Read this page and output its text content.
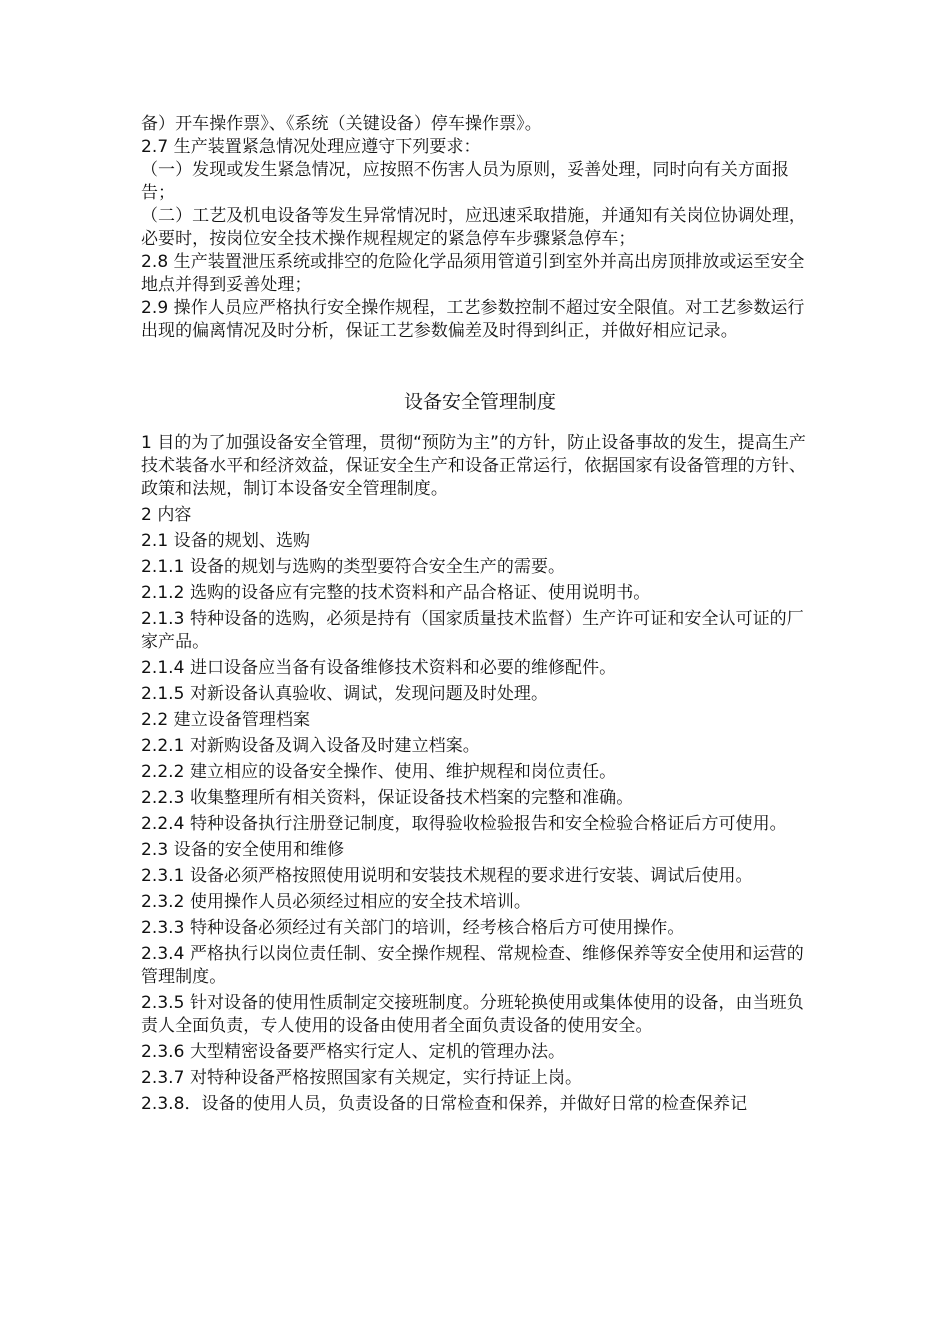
备）开车操作票》、《系统（关键设备）停车操作票》。

2.7 生产装置紧急情况处理应遵守下列要求：

（一）发现或发生紧急情况，应按照不伤害人员为原则，妥善处理，同时向有关方面报告；

（二）工艺及机电设备等发生异常情况时，应迅速采取措施，并通知有关岗位协调处理，必要时，按岗位安全技术操作规程规定的紧急停车步骤紧急停车；

2.8 生产装置泄压系统或排空的危险化学品须用管道引到室外并高出房顶排放或运至安全地点并得到妥善处理；

2.9 操作人员应严格执行安全操作规程，工艺参数控制不超过安全限值。对工艺参数运行出现的偏离情况及时分析，保证工艺参数偏差及时得到纠正，并做好相应记录。

设备安全管理制度

1 目的为了加强设备安全管理，贯彻“预防为主”的方针，防止设备事故的发生，提高生产技术装备水平和经济效益，保证安全生产和设备正常运行，依据国家有设备管理的方针、政策和法规，制订本设备安全管理制度。

2 内容

2.1 设备的规划、选购

2.1.1 设备的规划与选购的类型要符合安全生产的需要。

2.1.2 选购的设备应有完整的技术资料和产品合格证、使用说明书。

2.1.3 特种设备的选购，必须是持有（国家质量技术监督）生产许可证和安全认可证的厂家产品。

2.1.4 进口设备应当备有设备维修技术资料和必要的维修配件。

2.1.5 对新设备认真验收、调试，发现问题及时处理。

2.2 建立设备管理档案

2.2.1 对新购设备及调入设备及时建立档案。

2.2.2 建立相应的设备安全操作、使用、维护规程和岗位责任。

2.2.3 收集整理所有相关资料，保证设备技术档案的完整和准确。

2.2.4 特种设备执行注册登记制度，取得验收检验报告和安全检验合格证后方可使用。

2.3 设备的安全使用和维修

2.3.1 设备必须严格按照使用说明和安装技术规程的要求进行安装、调试后使用。

2.3.2 使用操作人员必须经过相应的安全技术培训。

2.3.3 特种设备必须经过有关部门的培训，经考核合格后方可使用操作。

2.3.4 严格执行以岗位责任制、安全操作规程、常规检查、维修保养等安全使用和运营的管理制度。

2.3.5 针对设备的使用性质制定交接班制度。分班轮换使用或集体使用的设备，由当班负责人全面负责，专人使用的设备由使用者全面负责设备的使用安全。

2.3.6 大型精密设备要严格实行定人、定机的管理办法。

2.3.7 对特种设备严格按照国家有关规定，实行持证上岗。

2.3.8．设备的使用人员，负责设备的日常检查和保养，并做好日常的检查保养记
